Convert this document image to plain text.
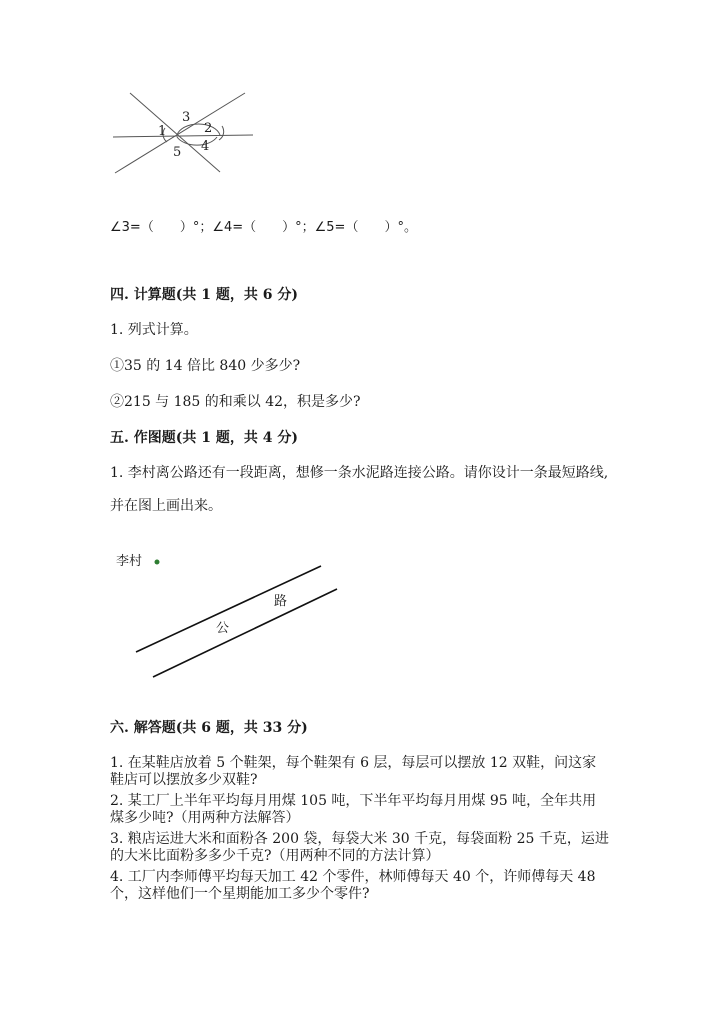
3
2
1
5 4
∠3=（　　）°；∠4=（　　）°；∠5=（　　）°。
四. 计算题(共 1 题，共 6 分)
1. 列式计算。
①35 的 14 倍比 840 少多少?
②215 与 185 的和乘以 42，积是多少?
五. 作图题(共 1 题，共 4 分)
1. 李村离公路还有一段距离，想修一条水泥路连接公路。请你设计一条最短路线,
并在图上画出来。
李村
路
公
六. 解答题(共 6 题，共 33 分)
1. 在某鞋店放着 5 个鞋架，每个鞋架有 6 层，每层可以摆放 12 双鞋，问这家鞋店可以摆放多少双鞋?
2. 某工厂上半年平均每月用煤 105 吨，下半年平均每月用煤 95 吨，全年共用煤多少吨?（用两种方法解答）
3. 粮店运进大米和面粉各 200 袋，每袋大米 30 千克，每袋面粉 25 千克，运进的大米比面粉多多少千克?（用两种不同的方法计算）
4. 工厂内李师傅平均每天加工 42 个零件，林师傅每天 40 个，许师傅每天 48 个，这样他们一个星期能加工多少个零件?
